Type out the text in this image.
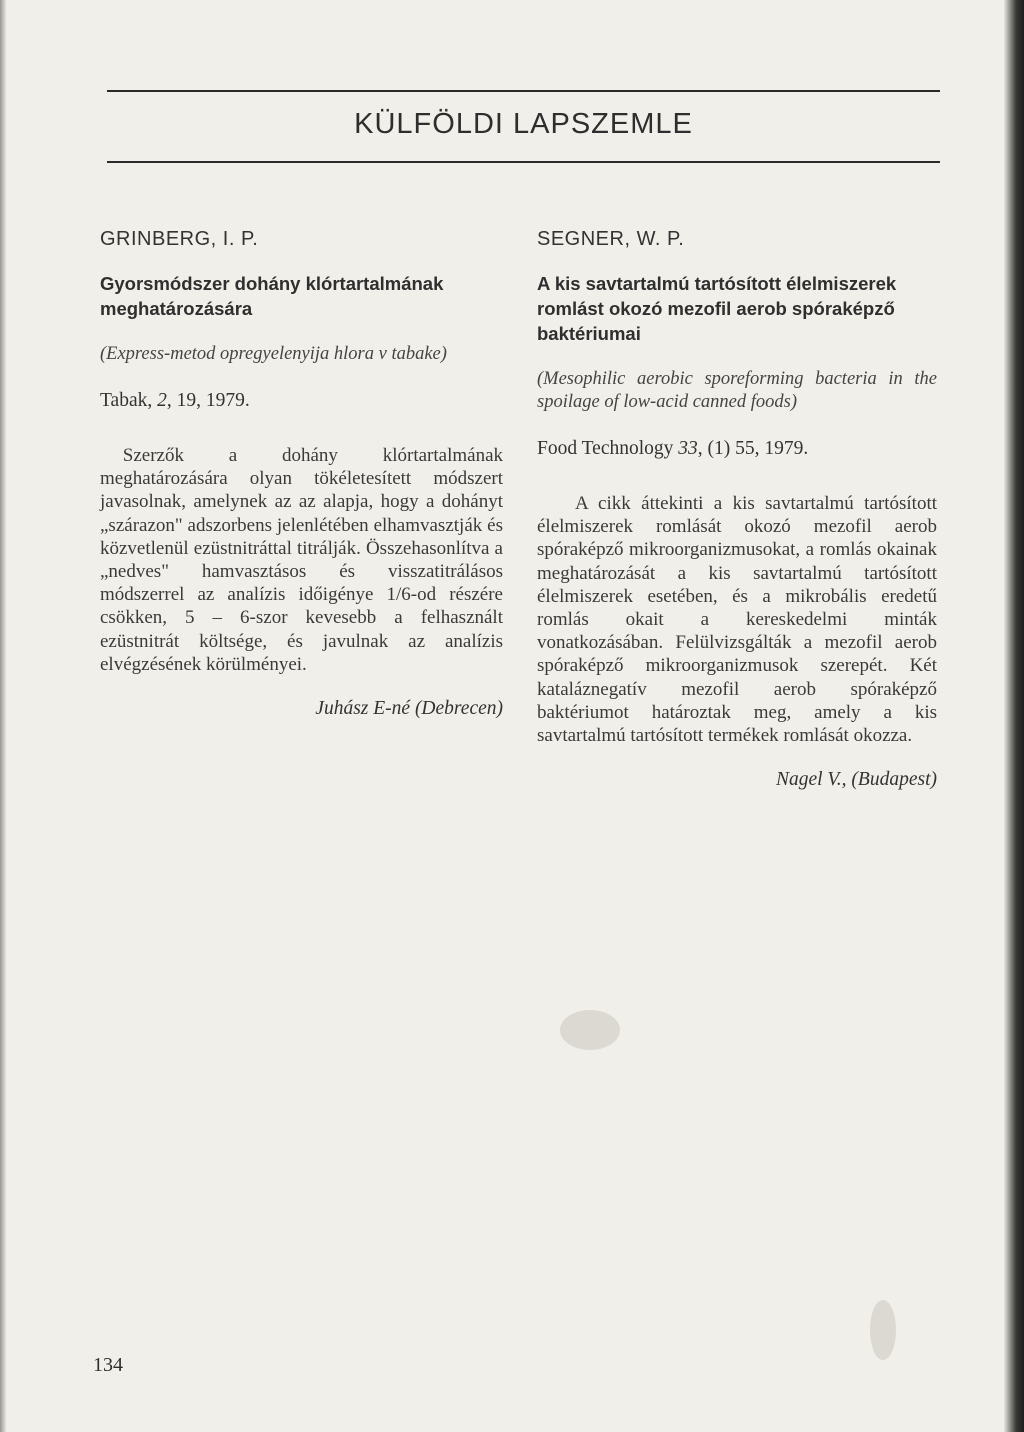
KÜLFÖLDI LAPSZEMLE

GRINBERG, I. P.

Gyorsmódszer dohány klórtartalmának meghatározására

(Express-metod opregyelenyija hlora v tabake)

Tabak, 2, 19, 1979.

Szerzők a dohány klórtartalmának meghatározására olyan tökéletesített módszert javasolnak, amelynek az az alapja, hogy a dohányt „szárazon" adszorbens jelenlétében elhamvasztják és közvetlenül ezüstnitráttal titrálják. Összehasonlítva a „nedves" hamvasztásos és visszatitrálásos módszerrel az analízis időigénye 1/6-od részére csökken, 5 – 6-szor kevesebb a felhasznált ezüstnitrát költsége, és javulnak az analízis elvégzésének körülményei.

Juhász E-né (Debrecen)

SEGNER, W. P.

A kis savtartalmú tartósított élelmiszerek romlást okozó mezofil aerob spóraképző baktériumai

(Mesophilic aerobic sporeforming bacteria in the spoilage of low-acid canned foods)

Food Technology 33, (1) 55, 1979.

A cikk áttekinti a kis savtartalmú tartósított élelmiszerek romlását okozó mezofil aerob spóraképző mikroorganizmusokat, a romlás okainak meghatározását a kis savtartalmú tartósított élelmiszerek esetében, és a mikrobális eredetű romlás okait a kereskedelmi minták vonatkozásában. Felülvizsgálták a mezofil aerob spóraképző mikroorganizmusok szerepét. Két kataláznegatív mezofil aerob spóraképző baktériumot határoztak meg, amely a kis savtartalmú tartósított termékek romlását okozza.

Nagel V., (Budapest)

134
